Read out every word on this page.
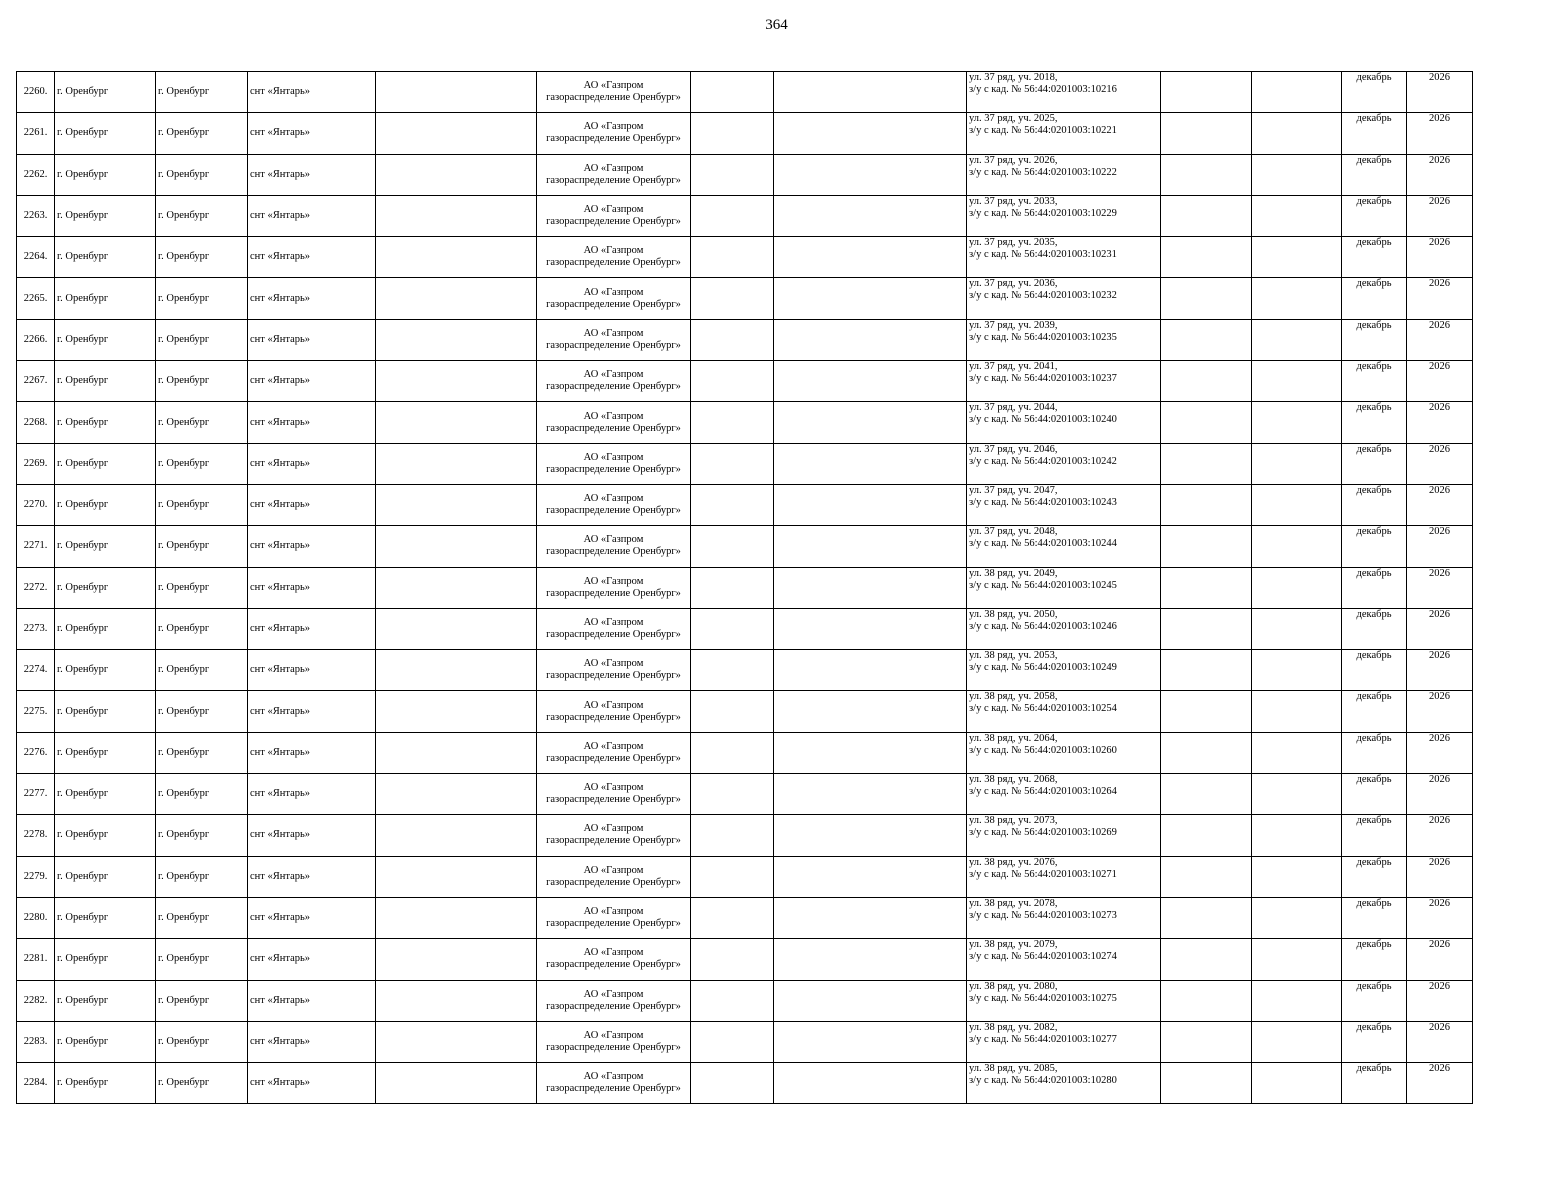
364
2260.	г. Оренбург	г. Оренбург	снт «Янтарь»		АО «Газпром
газораспределение Оренбург»			ул. 37 ряд, уч. 2018,
з/у с кад. № 56:44:0201003:10216			декабрь	2026
2261.	г. Оренбург	г. Оренбург	снт «Янтарь»		АО «Газпром
газораспределение Оренбург»			ул. 37 ряд, уч. 2025,
з/у с кад. № 56:44:0201003:10221			декабрь	2026
2262.	г. Оренбург	г. Оренбург	снт «Янтарь»		АО «Газпром
газораспределение Оренбург»			ул. 37 ряд, уч. 2026,
з/у с кад. № 56:44:0201003:10222			декабрь	2026
2263.	г. Оренбург	г. Оренбург	снт «Янтарь»		АО «Газпром
газораспределение Оренбург»			ул. 37 ряд, уч. 2033,
з/у с кад. № 56:44:0201003:10229			декабрь	2026
2264.	г. Оренбург	г. Оренбург	снт «Янтарь»		АО «Газпром
газораспределение Оренбург»			ул. 37 ряд, уч. 2035,
з/у с кад. № 56:44:0201003:10231			декабрь	2026
2265.	г. Оренбург	г. Оренбург	снт «Янтарь»		АО «Газпром
газораспределение Оренбург»			ул. 37 ряд, уч. 2036,
з/у с кад. № 56:44:0201003:10232			декабрь	2026
2266.	г. Оренбург	г. Оренбург	снт «Янтарь»		АО «Газпром
газораспределение Оренбург»			ул. 37 ряд, уч. 2039,
з/у с кад. № 56:44:0201003:10235			декабрь	2026
2267.	г. Оренбург	г. Оренбург	снт «Янтарь»		АО «Газпром
газораспределение Оренбург»			ул. 37 ряд, уч. 2041,
з/у с кад. № 56:44:0201003:10237			декабрь	2026
2268.	г. Оренбург	г. Оренбург	снт «Янтарь»		АО «Газпром
газораспределение Оренбург»			ул. 37 ряд, уч. 2044,
з/у с кад. № 56:44:0201003:10240			декабрь	2026
2269.	г. Оренбург	г. Оренбург	снт «Янтарь»		АО «Газпром
газораспределение Оренбург»			ул. 37 ряд, уч. 2046,
з/у с кад. № 56:44:0201003:10242			декабрь	2026
2270.	г. Оренбург	г. Оренбург	снт «Янтарь»		АО «Газпром
газораспределение Оренбург»			ул. 37 ряд, уч. 2047,
з/у с кад. № 56:44:0201003:10243			декабрь	2026
2271.	г. Оренбург	г. Оренбург	снт «Янтарь»		АО «Газпром
газораспределение Оренбург»			ул. 37 ряд, уч. 2048,
з/у с кад. № 56:44:0201003:10244			декабрь	2026
2272.	г. Оренбург	г. Оренбург	снт «Янтарь»		АО «Газпром
газораспределение Оренбург»			ул. 38 ряд, уч. 2049,
з/у с кад. № 56:44:0201003:10245			декабрь	2026
2273.	г. Оренбург	г. Оренбург	снт «Янтарь»		АО «Газпром
газораспределение Оренбург»			ул. 38 ряд, уч. 2050,
з/у с кад. № 56:44:0201003:10246			декабрь	2026
2274.	г. Оренбург	г. Оренбург	снт «Янтарь»		АО «Газпром
газораспределение Оренбург»			ул. 38 ряд, уч. 2053,
з/у с кад. № 56:44:0201003:10249			декабрь	2026
2275.	г. Оренбург	г. Оренбург	снт «Янтарь»		АО «Газпром
газораспределение Оренбург»			ул. 38 ряд, уч. 2058,
з/у с кад. № 56:44:0201003:10254			декабрь	2026
2276.	г. Оренбург	г. Оренбург	снт «Янтарь»		АО «Газпром
газораспределение Оренбург»			ул. 38 ряд, уч. 2064,
з/у с кад. № 56:44:0201003:10260			декабрь	2026
2277.	г. Оренбург	г. Оренбург	снт «Янтарь»		АО «Газпром
газораспределение Оренбург»			ул. 38 ряд, уч. 2068,
з/у с кад. № 56:44:0201003:10264			декабрь	2026
2278.	г. Оренбург	г. Оренбург	снт «Янтарь»		АО «Газпром
газораспределение Оренбург»			ул. 38 ряд, уч. 2073,
з/у с кад. № 56:44:0201003:10269			декабрь	2026
2279.	г. Оренбург	г. Оренбург	снт «Янтарь»		АО «Газпром
газораспределение Оренбург»			ул. 38 ряд, уч. 2076,
з/у с кад. № 56:44:0201003:10271			декабрь	2026
2280.	г. Оренбург	г. Оренбург	снт «Янтарь»		АО «Газпром
газораспределение Оренбург»			ул. 38 ряд, уч. 2078,
з/у с кад. № 56:44:0201003:10273			декабрь	2026
2281.	г. Оренбург	г. Оренбург	снт «Янтарь»		АО «Газпром
газораспределение Оренбург»			ул. 38 ряд, уч. 2079,
з/у с кад. № 56:44:0201003:10274			декабрь	2026
2282.	г. Оренбург	г. Оренбург	снт «Янтарь»		АО «Газпром
газораспределение Оренбург»			ул. 38 ряд, уч. 2080,
з/у с кад. № 56:44:0201003:10275			декабрь	2026
2283.	г. Оренбург	г. Оренбург	снт «Янтарь»		АО «Газпром
газораспределение Оренбург»			ул. 38 ряд, уч. 2082,
з/у с кад. № 56:44:0201003:10277			декабрь	2026
2284.	г. Оренбург	г. Оренбург	снт «Янтарь»		АО «Газпром
газораспределение Оренбург»			ул. 38 ряд, уч. 2085,
з/у с кад. № 56:44:0201003:10280			декабрь	2026
